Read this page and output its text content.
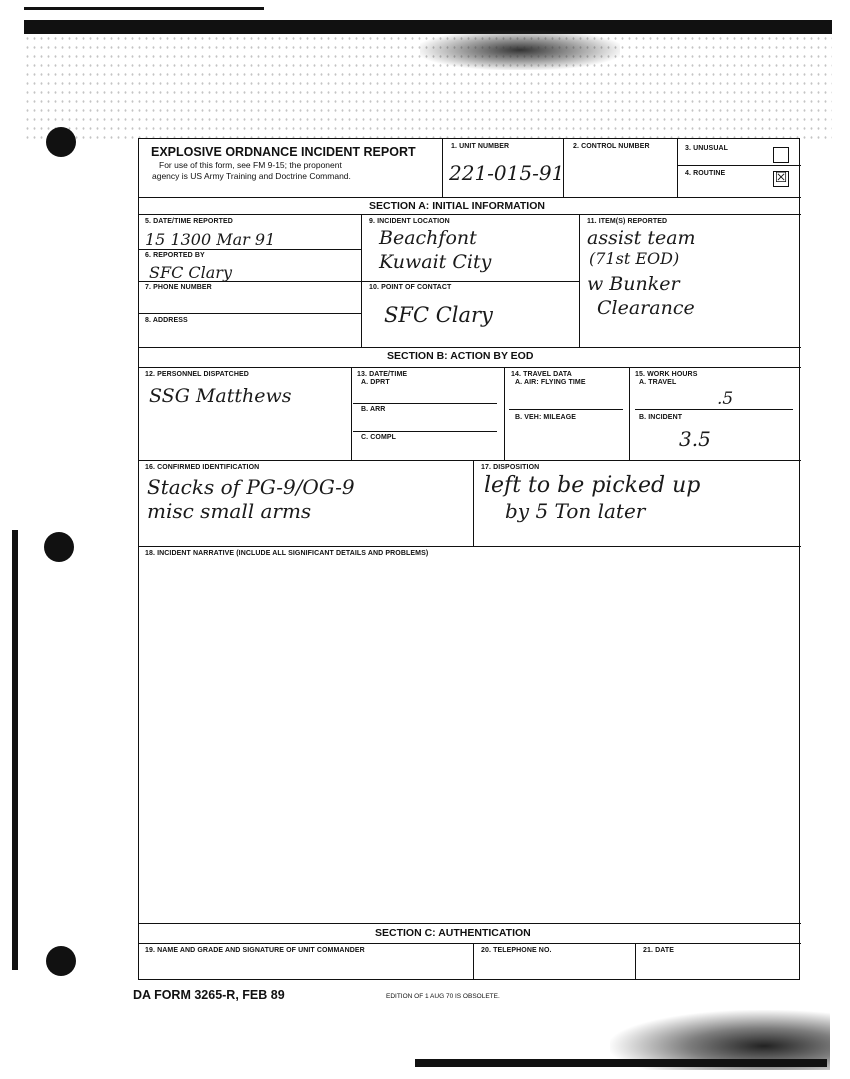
EXPLOSIVE ORDNANCE INCIDENT REPORT
For use of this form, see FM 9-15; the proponent
agency is US Army Training and Doctrine Command.
1. UNIT NUMBER
221-015-91
2. CONTROL NUMBER	3. UNUSUAL
4. ROUTINE	☒
SECTION A: INITIAL INFORMATION
5. DATE/TIME REPORTED
15 1300 Mar 91
6. REPORTED BY
SFC Clary
7. PHONE NUMBER
8. ADDRESS
9. INCIDENT LOCATION
Beachfont
Kuwait City
10. POINT OF CONTACT
SFC Clary
11. ITEM(S) REPORTED
assist team
(71st EOD)
w Bunker
Clearance
SECTION B: ACTION BY EOD
12. PERSONNEL DISPATCHED
SSG Matthews
13. DATE/TIME
A. DPRT
B. ARR
C. COMPL
14. TRAVEL DATA
A. AIR: FLYING TIME
B. VEH: MILEAGE
15. WORK HOURS
A. TRAVEL
.5
B. INCIDENT
3.5
16. CONFIRMED IDENTIFICATION
Stacks of PG-9/OG-9
misc small arms
17. DISPOSITION
left to be picked up
by 5 Ton later
18. INCIDENT NARRATIVE (INCLUDE ALL SIGNIFICANT DETAILS AND PROBLEMS)
SECTION C: AUTHENTICATION
19. NAME AND GRADE AND SIGNATURE OF UNIT COMMANDER	20. TELEPHONE NO.	21. DATE
DA FORM 3265-R, FEB 89	EDITION OF 1 AUG 70 IS OBSOLETE.
